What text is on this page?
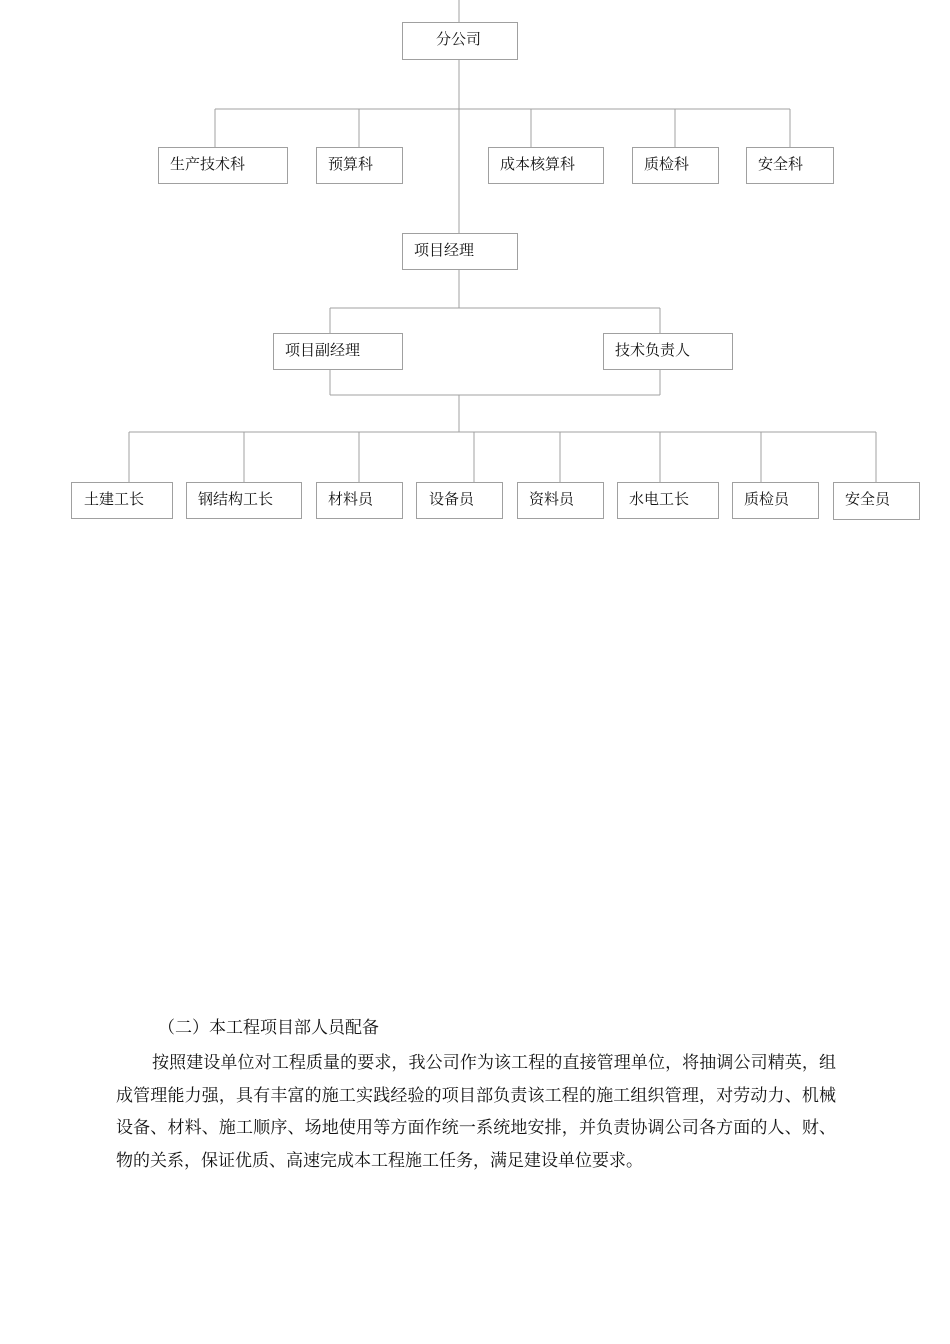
分公司
生产技术科	预算科	成本核算科	质检科	安全科
项目经理
项目副经理	技术负责人
土建工长	钢结构工长	材料员	设备员	资料员	水电工长	质检员	安全员
（二）本工程项目部人员配备

按照建设单位对工程质量的要求，我公司作为该工程的直接管理单位，将抽调公司精英，组成管理能力强，具有丰富的施工实践经验的项目部负责该工程的施工组织管理，对劳动力、机械设备、材料、施工顺序、场地使用等方面作统一系统地安排，并负责协调公司各方面的人、财、物的关系，保证优质、高速完成本工程施工任务，满足建设单位要求。
